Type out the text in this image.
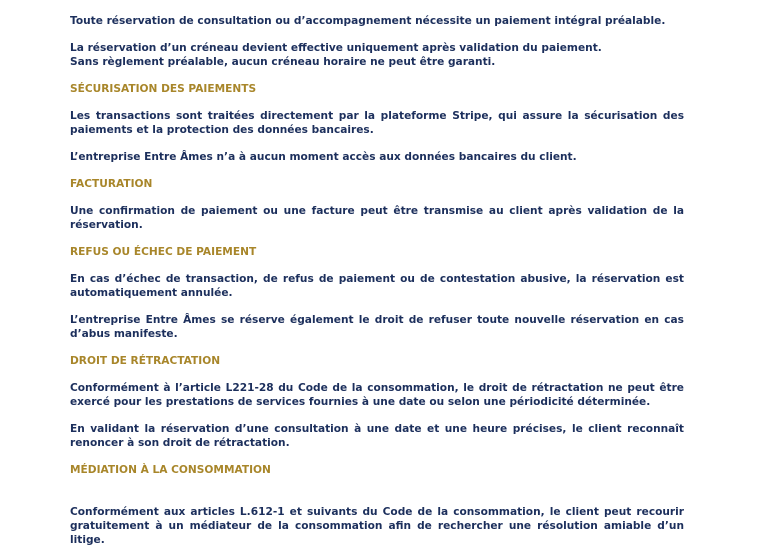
Toute réservation de consultation ou d’accompagnement nécessite un paiement intégral préalable.

La réservation d’un créneau devient effective uniquement après validation du paiement.

Sans règlement préalable, aucun créneau horaire ne peut être garanti.

SÉCURISATION DES PAIEMENTS

Les transactions sont traitées directement par la plateforme Stripe, qui assure la sécurisation des paiements et la protection des données bancaires.

L’entreprise Entre Âmes n’a à aucun moment accès aux données bancaires du client.

FACTURATION

Une confirmation de paiement ou une facture peut être transmise au client après validation de la réservation.

REFUS OU ÉCHEC DE PAIEMENT

En cas d’échec de transaction, de refus de paiement ou de contestation abusive, la réservation est automatiquement annulée.

L’entreprise Entre Âmes se réserve également le droit de refuser toute nouvelle réservation en cas d’abus manifeste.

DROIT DE RÉTRACTATION

Conformément à l’article L221-28 du Code de la consommation, le droit de rétractation ne peut être exercé pour les prestations de services fournies à une date ou selon une périodicité déterminée.

En validant la réservation d’une consultation à une date et une heure précises, le client reconnaît renoncer à son droit de rétractation.

MÉDIATION À LA CONSOMMATION

Conformément aux articles L.612-1 et suivants du Code de la consommation, le client peut recourir gratuitement à un médiateur de la consommation afin de rechercher une résolution amiable d’un litige.
